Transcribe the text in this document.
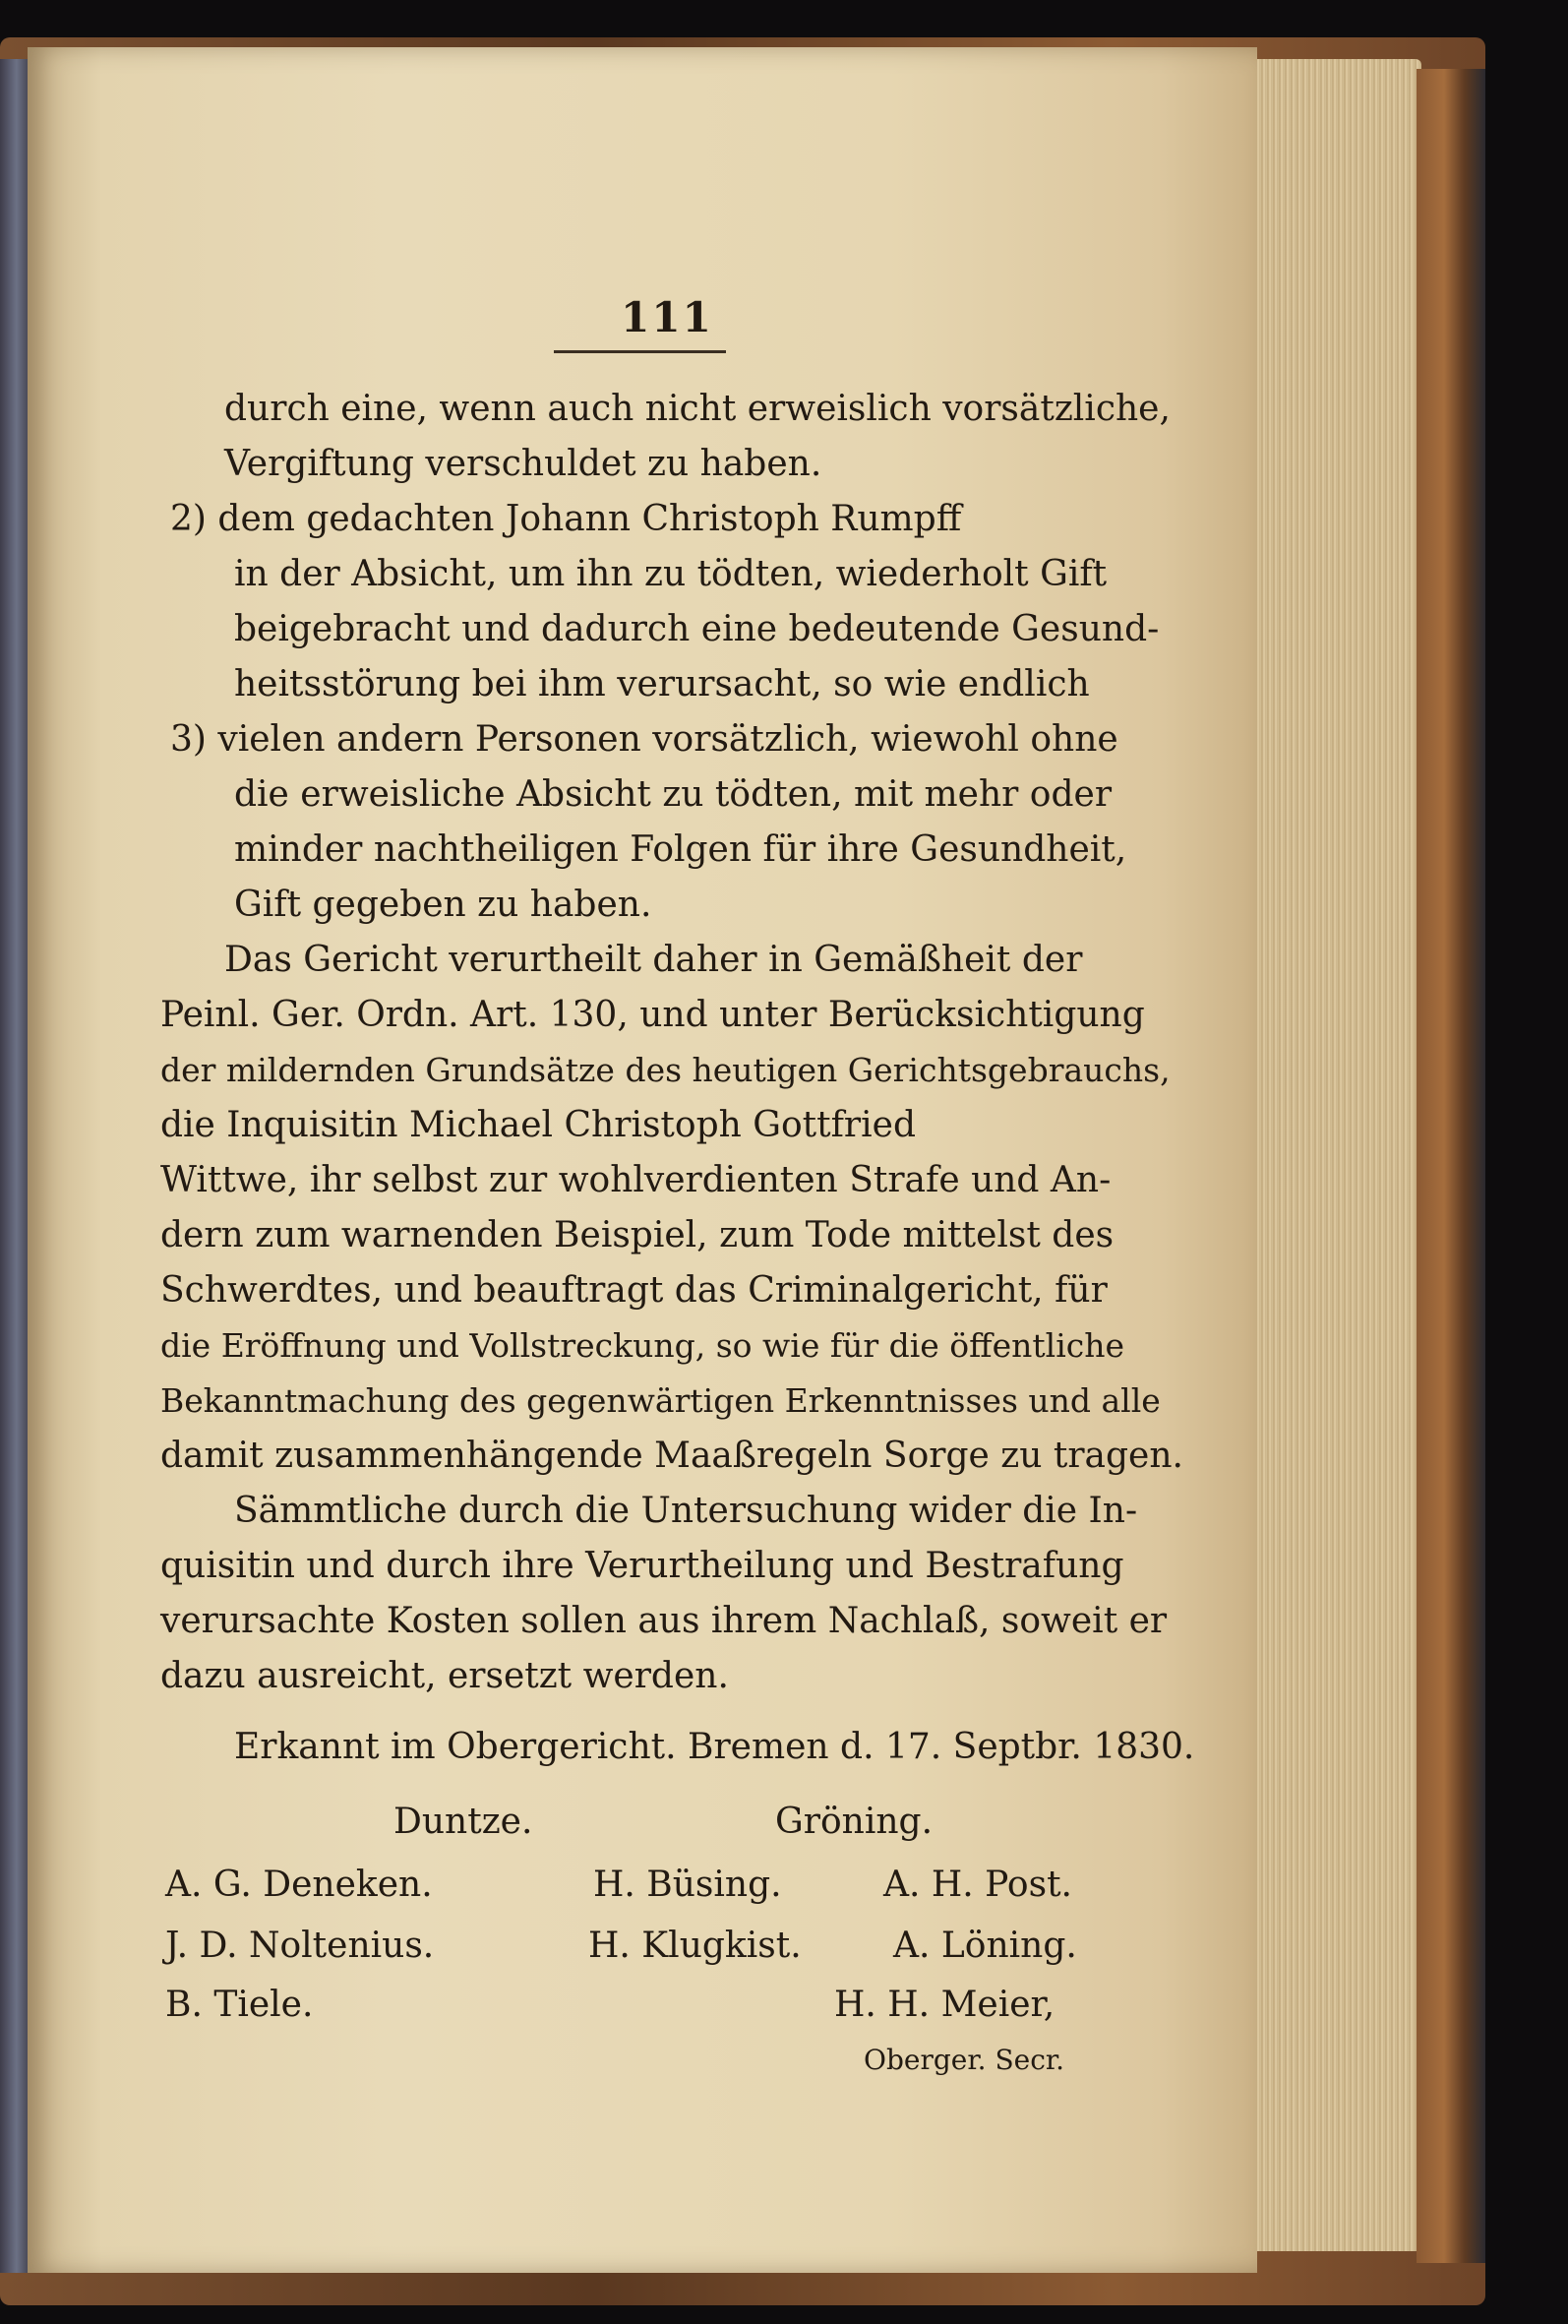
111
durch eine, wenn auch nicht erweislich vorsätzliche,
Vergiftung verschuldet zu haben.
2) dem gedachten Johann Christoph Rumpff
in der Absicht, um ihn zu tödten, wiederholt Gift
beigebracht und dadurch eine bedeutende Gesund-
heitsstörung bei ihm verursacht, so wie endlich
3) vielen andern Personen vorsätzlich, wiewohl ohne
die erweisliche Absicht zu tödten, mit mehr oder
minder nachtheiligen Folgen für ihre Gesundheit,
Gift gegeben zu haben.
Das Gericht verurtheilt daher in Gemäßheit der
Peinl. Ger. Ordn. Art. 130, und unter Berücksichtigung
der mildernden Grundsätze des heutigen Gerichtsgebrauchs,
die Inquisitin Michael Christoph Gottfried
Wittwe, ihr selbst zur wohlverdienten Strafe und An-
dern zum warnenden Beispiel, zum Tode mittelst des
Schwerdtes, und beauftragt das Criminalgericht, für
die Eröffnung und Vollstreckung, so wie für die öffentliche
Bekanntmachung des gegenwärtigen Erkenntnisses und alle
damit zusammenhängende Maaßregeln Sorge zu tragen.
Sämmtliche durch die Untersuchung wider die In-
quisitin und durch ihre Verurtheilung und Bestrafung
verursachte Kosten sollen aus ihrem Nachlaß, soweit er
dazu ausreicht, ersetzt werden.
Erkannt im Obergericht. Bremen d. 17. Septbr. 1830.
Duntze.	Gröning.
A. G. Deneken.	H. Büsing.	A. H. Post.
J. D. Noltenius.	H. Klugkist.	A. Löning.
B. Tiele.	H. H. Meier,
Oberger. Secr.
